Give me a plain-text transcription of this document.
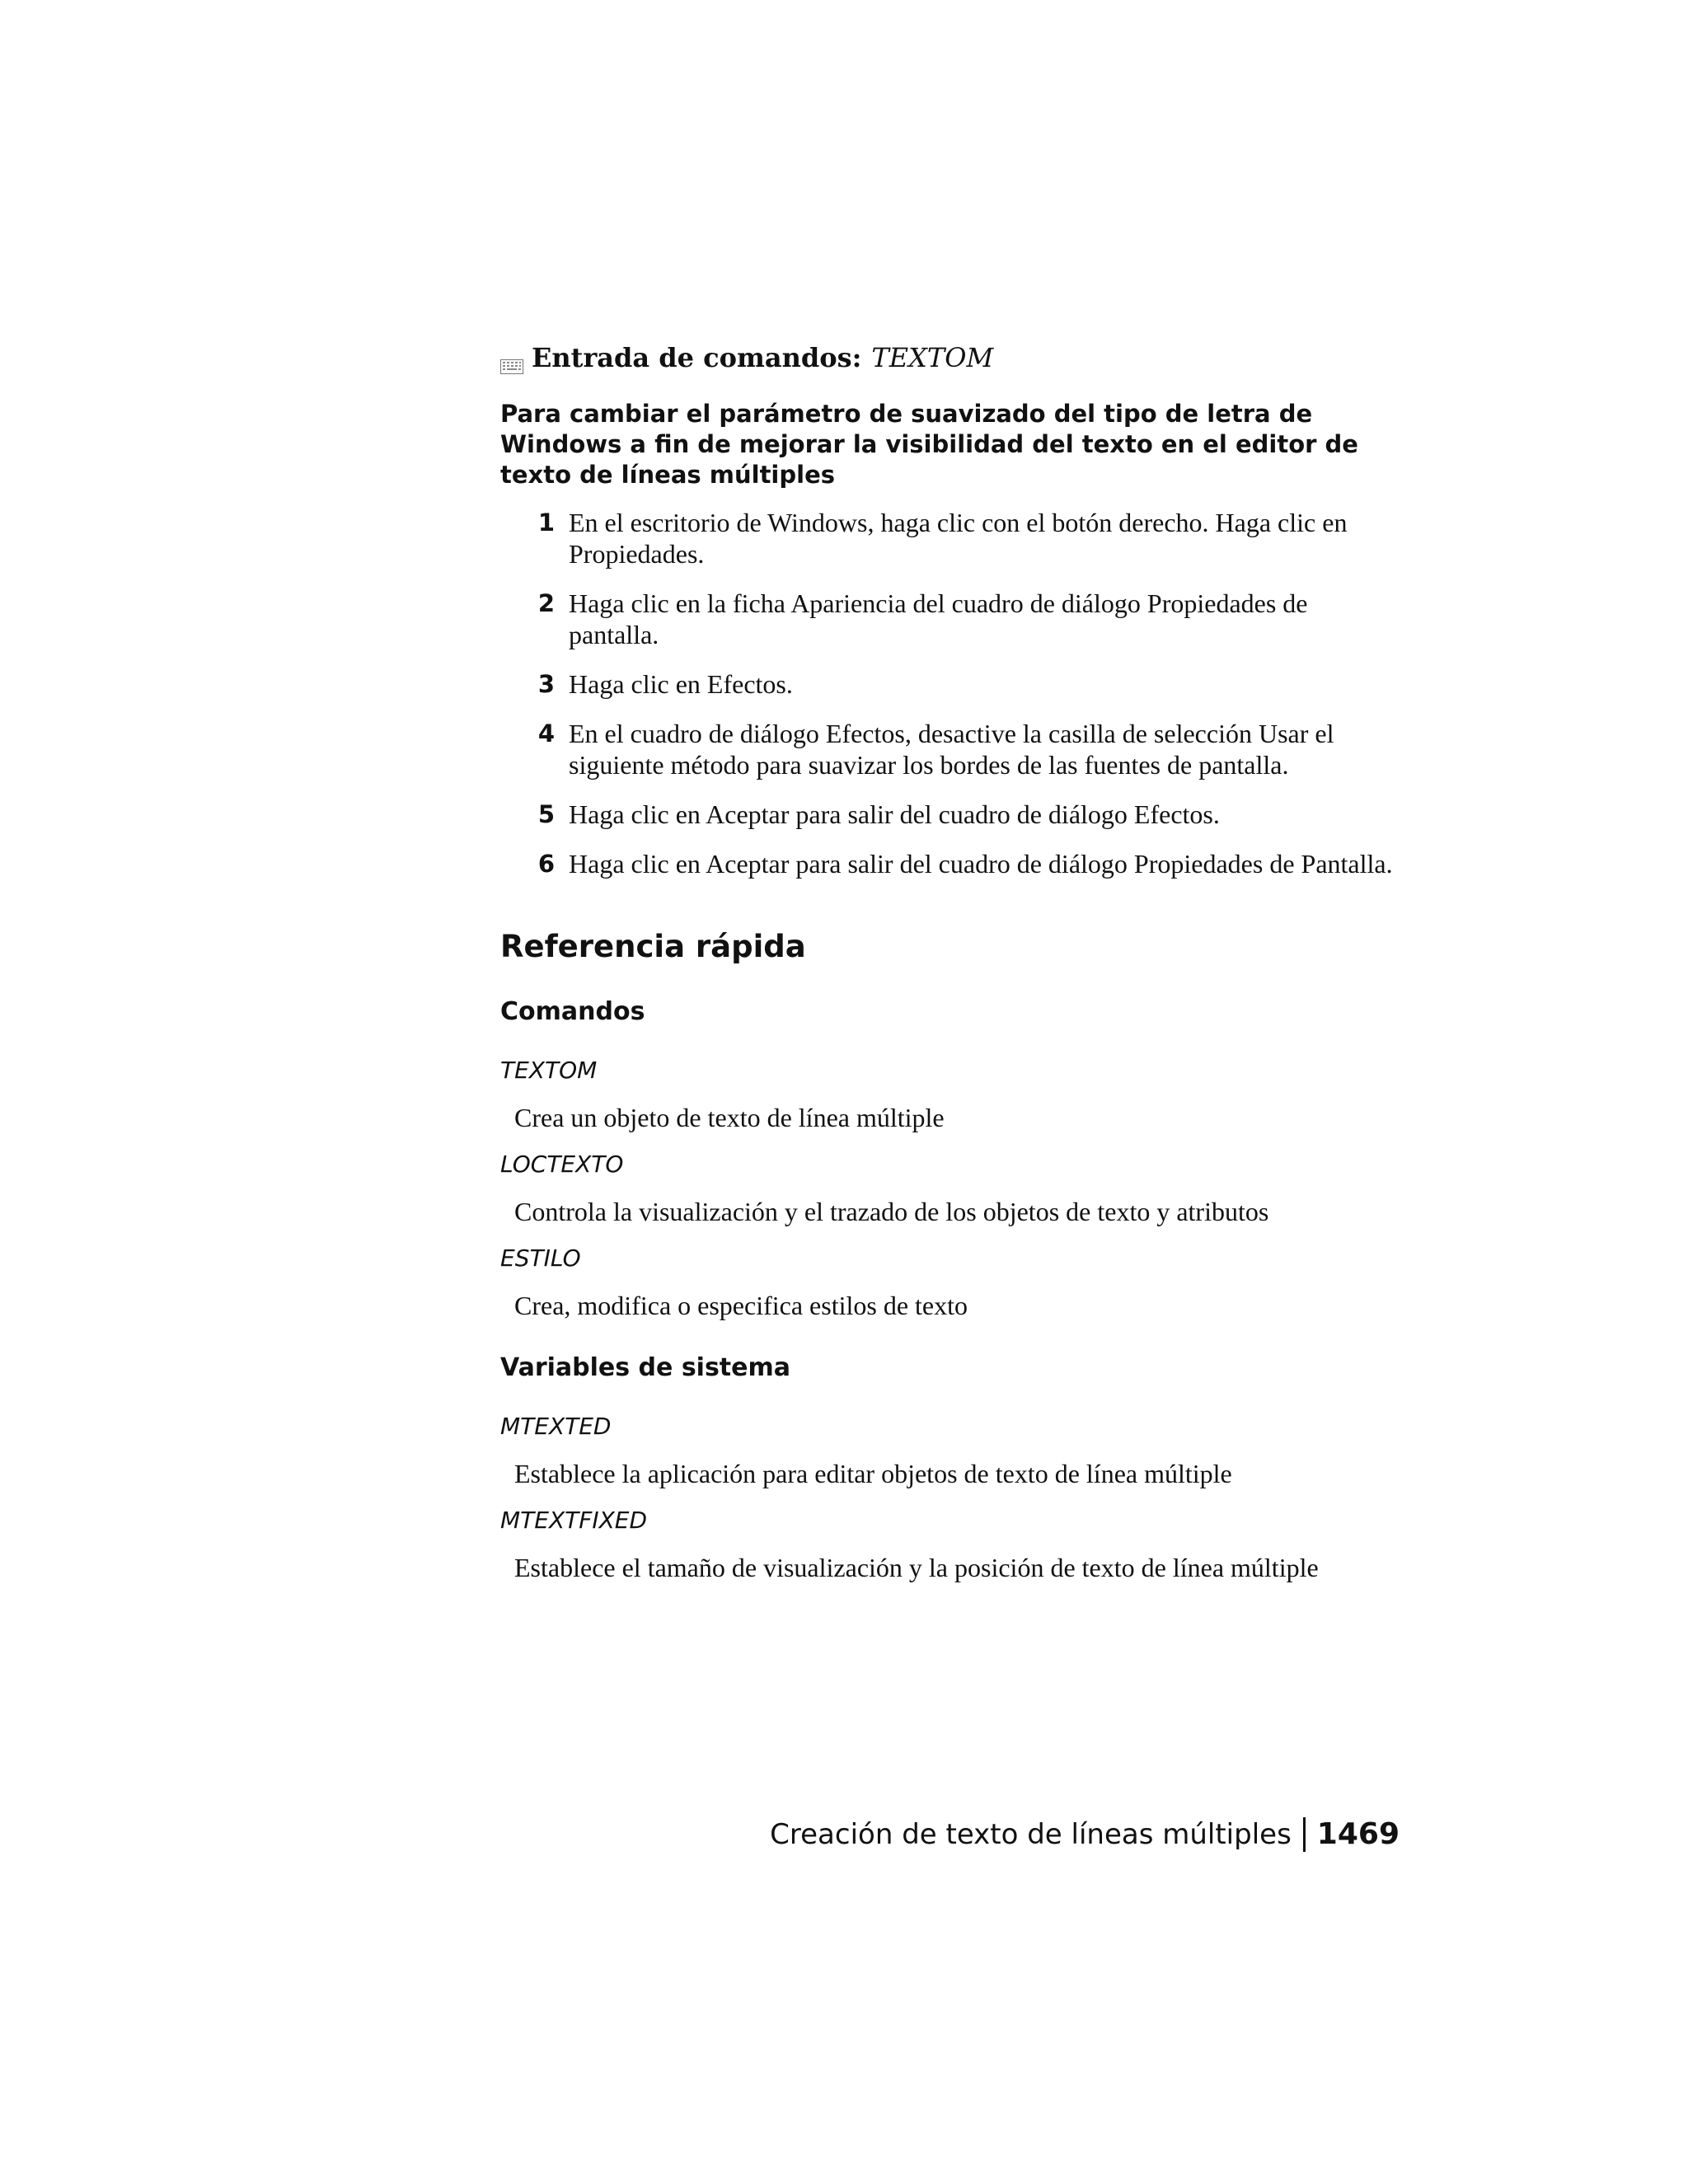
Entrada de comandos: TEXTOM
Para cambiar el parámetro de suavizado del tipo de letra de Windows a fin de mejorar la visibilidad del texto en el editor de texto de líneas múltiples
1 En el escritorio de Windows, haga clic con el botón derecho. Haga clic en Propiedades.
2 Haga clic en la ficha Apariencia del cuadro de diálogo Propiedades de pantalla.
3 Haga clic en Efectos.
4 En el cuadro de diálogo Efectos, desactive la casilla de selección Usar el siguiente método para suavizar los bordes de las fuentes de pantalla.
5 Haga clic en Aceptar para salir del cuadro de diálogo Efectos.
6 Haga clic en Aceptar para salir del cuadro de diálogo Propiedades de Pantalla.
Referencia rápida
Comandos
TEXTOM
Crea un objeto de texto de línea múltiple
LOCTEXTO
Controla la visualización y el trazado de los objetos de texto y atributos
ESTILO
Crea, modifica o especifica estilos de texto
Variables de sistema
MTEXTED
Establece la aplicación para editar objetos de texto de línea múltiple
MTEXTFIXED
Establece el tamaño de visualización y la posición de texto de línea múltiple
Creación de texto de líneas múltiples 1469
